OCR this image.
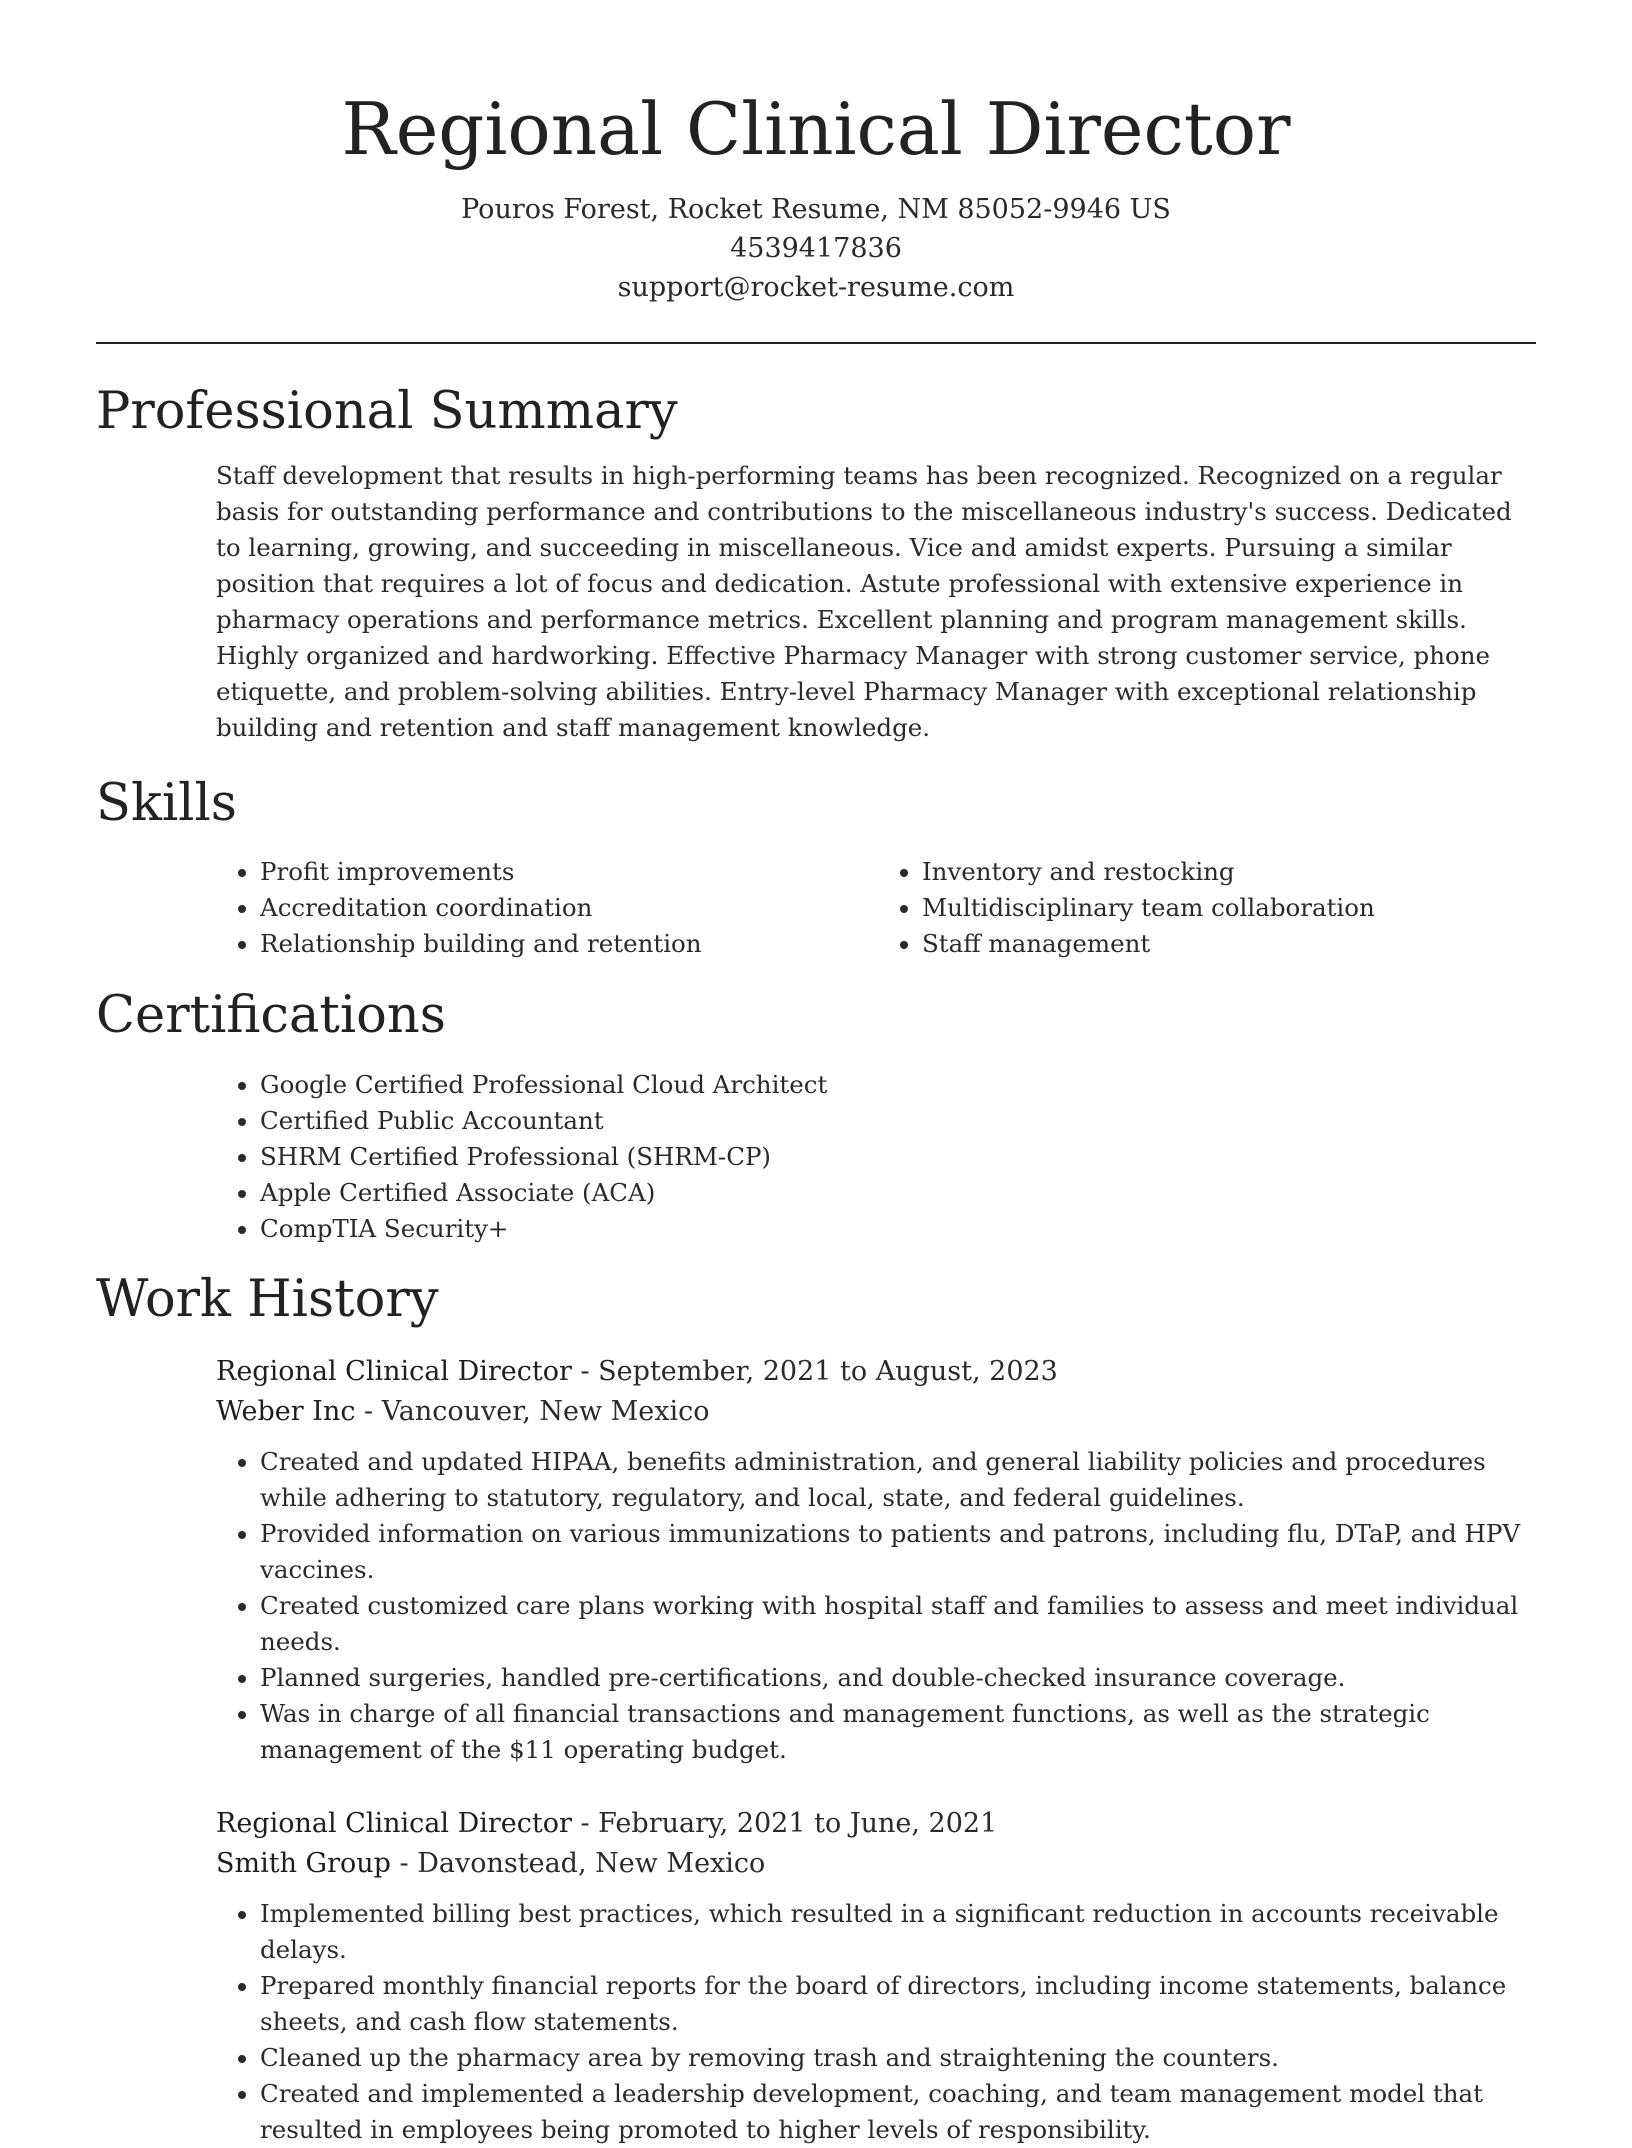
Regional Clinical Director
Pouros Forest, Rocket Resume, NM 85052-9946 US
4539417836
support@rocket-resume.com
Professional Summary
Staff development that results in high-performing teams has been recognized. Recognized on a regular basis for outstanding performance and contributions to the miscellaneous industry's success. Dedicated to learning, growing, and succeeding in miscellaneous. Vice and amidst experts. Pursuing a similar position that requires a lot of focus and dedication. Astute professional with extensive experience in pharmacy operations and performance metrics. Excellent planning and program management skills. Highly organized and hardworking. Effective Pharmacy Manager with strong customer service, phone etiquette, and problem-solving abilities. Entry-level Pharmacy Manager with exceptional relationship building and retention and staff management knowledge.
Skills
• Profit improvements
• Accreditation coordination
• Relationship building and retention
• Inventory and restocking
• Multidisciplinary team collaboration
• Staff management
Certifications
• Google Certified Professional Cloud Architect
• Certified Public Accountant
• SHRM Certified Professional (SHRM-CP)
• Apple Certified Associate (ACA)
• CompTIA Security+
Work History
Regional Clinical Director - September, 2021 to August, 2023
Weber Inc - Vancouver, New Mexico
• Created and updated HIPAA, benefits administration, and general liability policies and procedures while adhering to statutory, regulatory, and local, state, and federal guidelines.
• Provided information on various immunizations to patients and patrons, including flu, DTaP, and HPV vaccines.
• Created customized care plans working with hospital staff and families to assess and meet individual needs.
• Planned surgeries, handled pre-certifications, and double-checked insurance coverage.
• Was in charge of all financial transactions and management functions, as well as the strategic management of the $11 operating budget.
Regional Clinical Director - February, 2021 to June, 2021
Smith Group - Davonstead, New Mexico
• Implemented billing best practices, which resulted in a significant reduction in accounts receivable delays.
• Prepared monthly financial reports for the board of directors, including income statements, balance sheets, and cash flow statements.
• Cleaned up the pharmacy area by removing trash and straightening the counters.
• Created and implemented a leadership development, coaching, and team management model that resulted in employees being promoted to higher levels of responsibility.
